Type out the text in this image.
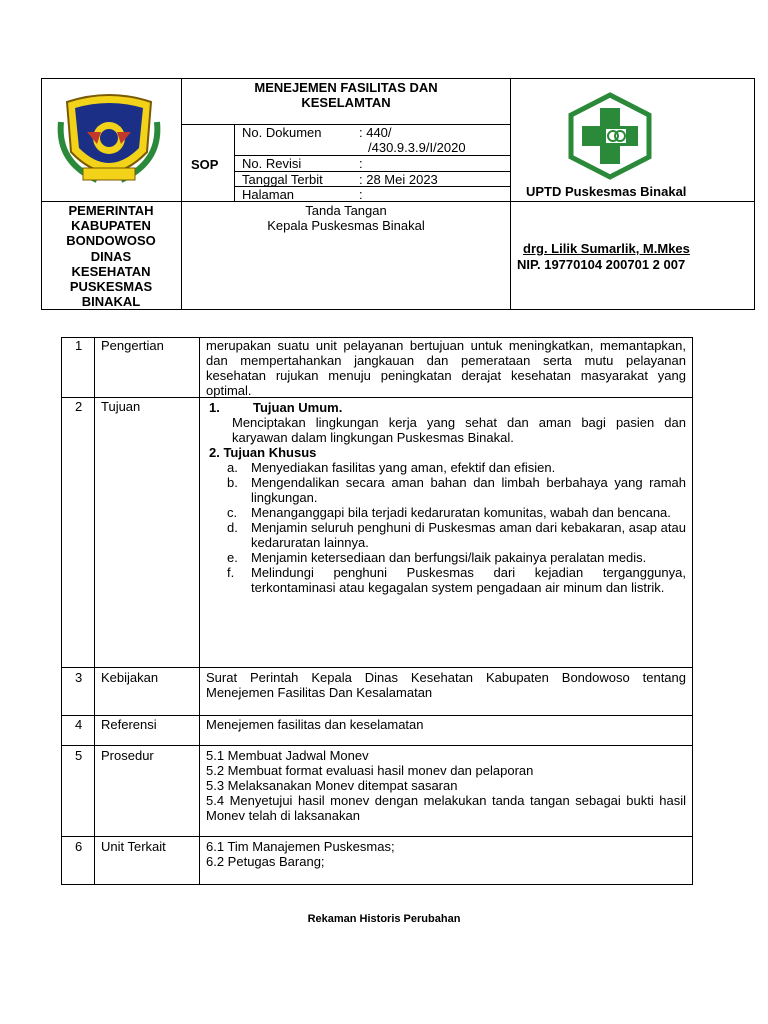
MENEJEMEN FASILITAS DAN
KESELAMTAN
SOP
No. Dokumen	: 440/
/430.9.3.9/I/2020
No. Revisi	:
Tanggal Terbit	: 28 Mei 2023
Halaman	:	UPTD Puskesmas Binakal
PEMERINTAH
KABUPATEN
BONDOWOSO
DINAS
KESEHATAN
PUSKESMAS
BINAKAL
Tanda Tangan
Kepala Puskesmas Binakal
drg. Lilik Sumarlik, M.Mkes
NIP. 19770104 200701 2 007
1 Pengertian	merupakan suatu unit pelayanan bertujuan untuk meningkatkan, memantapkan, dan mempertahankan jangkauan dan pemerataan serta mutu pelayanan kesehatan rujukan menuju peningkatan derajat kesehatan masyarakat yang optimal.
2 Tujuan	1.	Tujuan Umum.
Menciptakan lingkungan kerja yang sehat dan aman bagi pasien dan karyawan dalam lingkungan Puskesmas Binakal.
2. Tujuan Khusus
a.	Menyediakan fasilitas yang aman, efektif dan efisien.
b.	Mengendalikan secara aman bahan dan limbah berbahaya yang ramah lingkungan.
c.	Menanganggapi bila terjadi kedaruratan komunitas, wabah dan bencana.
d.	Menjamin seluruh penghuni di Puskesmas aman dari kebakaran, asap atau kedaruratan lainnya.
e.	Menjamin ketersediaan dan berfungsi/laik pakainya peralatan medis.
f.	Melindungi penghuni Puskesmas dari kejadian terganggunya, terkontaminasi atau kegagalan system pengadaan air minum dan listrik.
3 Kebijakan	Surat Perintah Kepala Dinas Kesehatan Kabupaten Bondowoso tentang Menejemen Fasilitas Dan Kesalamatan
4 Referensi	Menejemen fasilitas dan keselamatan
5 Prosedur	5.1 Membuat Jadwal Monev
5.2 Membuat format evaluasi hasil monev dan pelaporan
5.3 Melaksanakan Monev ditempat sasaran
5.4 Menyetujui hasil monev dengan melakukan tanda tangan sebagai bukti hasil Monev telah di laksanakan
6 Unit Terkait	6.1 Tim Manajemen Puskesmas;
6.2 Petugas Barang;
Rekaman Historis Perubahan
